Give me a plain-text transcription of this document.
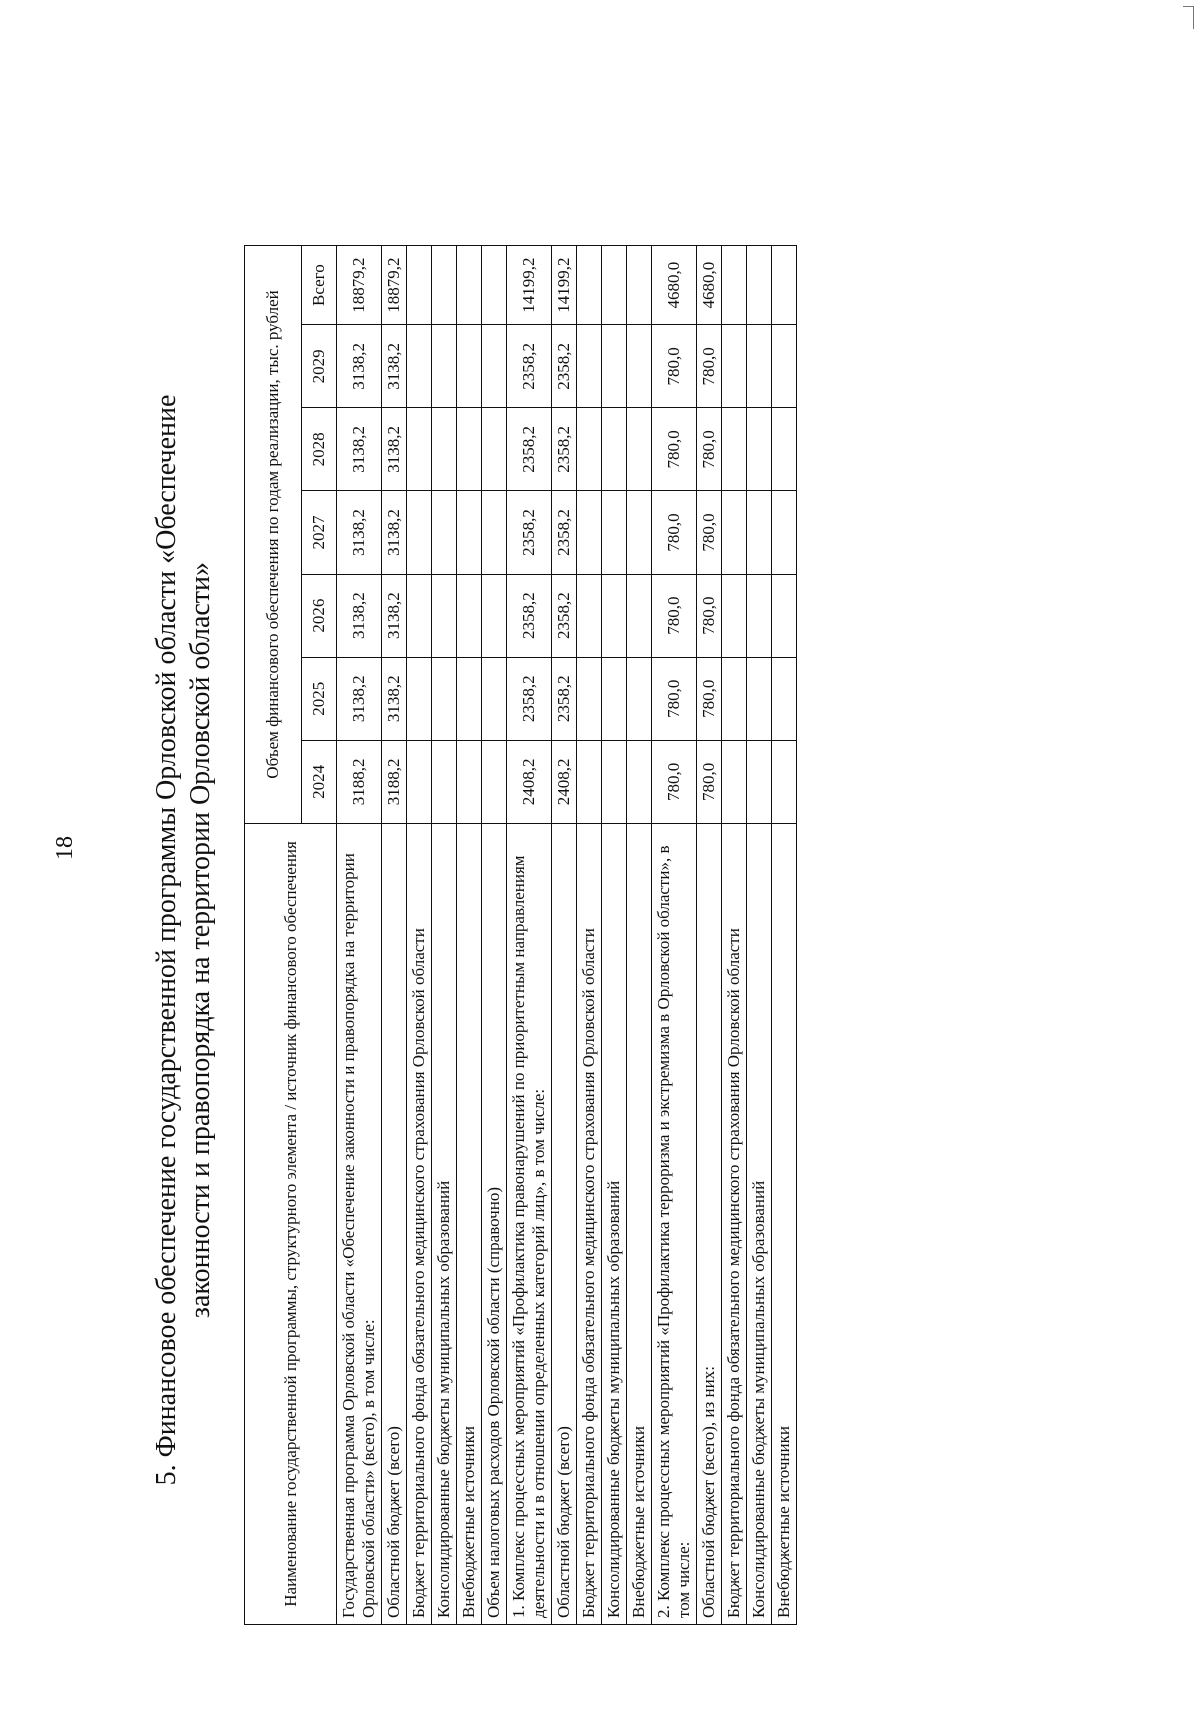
18	5. Финансовое обеспечение государственной программы Орловской области «Обеспечение законности и правопорядка на территории Орловской области»	Наименование государственной программы, структурного элемента / источник финансового обеспечения	Объем финансового обеспечения по годам реализации, тыс. рублей						
	2024	2025	2026	2027	2028	2029	Всего
Государственная программа Орловской области «Обеспечение законности и правопорядка на территории Орловской области» (всего), в том числе:	3188,2	3138,2	3138,2	3138,2	3138,2	3138,2	18879,2
Областной бюджет (всего)	3188,2	3138,2	3138,2	3138,2	3138,2	3138,2	18879,2
Бюджет территориального фонда обязательного медицинского страхования Орловской области							
Консолидированные бюджеты муниципальных образований							
Внебюджетные источники							
Объем налоговых расходов Орловской области (справочно)							
1. Комплекс процессных мероприятий «Профилактика правонарушений по приоритетным направлениям деятельности и в отношении определенных категорий лиц», в том числе:	2408,2	2358,2	2358,2	2358,2	2358,2	2358,2	14199,2
Областной бюджет (всего)	2408,2	2358,2	2358,2	2358,2	2358,2	2358,2	14199,2
Бюджет территориального фонда обязательного медицинского страхования Орловской области							
Консолидированные бюджеты муниципальных образований							
Внебюджетные источники							
2. Комплекс процессных мероприятий «Профилактика терроризма и экстремизма в Орловской области», в том числе:	780,0	780,0	780,0	780,0	780,0	780,0	4680,0
Областной бюджет (всего), из них:	780,0	780,0	780,0	780,0	780,0	780,0	4680,0
Бюджет территориального фонда обязательного медицинского страхования Орловской области							
Консолидированные бюджеты муниципальных образований							
Внебюджетные источники							
